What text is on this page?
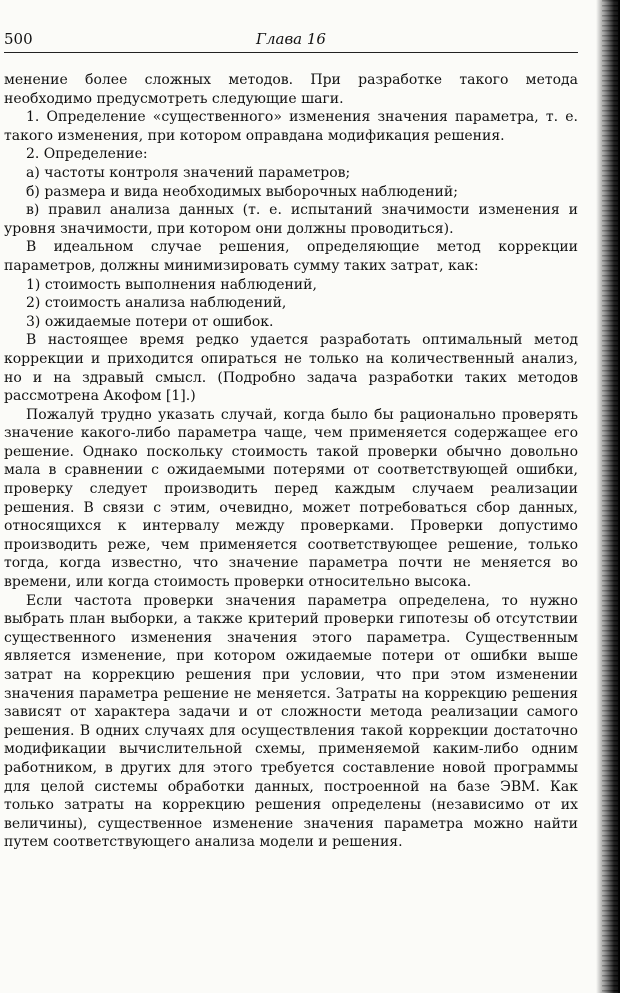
500	Глава 16

менение более сложных методов. При разработке такого метода необходимо предусмотреть следующие шаги.

1. Определение «существенного» изменения значения параметра, т. е. такого изменения, при котором оправдана модификация решения.

2. Определение:

а) частоты контроля значений параметров;

б) размера и вида необходимых выборочных наблюдений;

в) правил анализа данных (т. е. испытаний значимости изменения и уровня значимости, при котором они должны проводиться).

В идеальном случае решения, определяющие метод коррекции параметров, должны минимизировать сумму таких затрат, как:

1) стоимость выполнения наблюдений,

2) стоимость анализа наблюдений,

3) ожидаемые потери от ошибок.

В настоящее время редко удается разработать оптимальный метод коррекции и приходится опираться не только на количественный анализ, но и на здравый смысл. (Подробно задача разработки таких методов рассмотрена Акофом [1].)

Пожалуй трудно указать случай, когда было бы рационально проверять значение какого-либо параметра чаще, чем применяется содержащее его решение. Однако поскольку стоимость такой проверки обычно довольно мала в сравнении с ожидаемыми потерями от соответствующей ошибки, проверку следует производить перед каждым случаем реализации решения. В связи с этим, очевидно, может потребоваться сбор данных, относящихся к интервалу между проверками. Проверки допустимо производить реже, чем применяется соответствующее решение, только тогда, когда известно, что значение параметра почти не меняется во времени, или когда стоимость проверки относительно высока.

Если частота проверки значения параметра определена, то нужно выбрать план выборки, а также критерий проверки гипотезы об отсутствии существенного изменения значения этого параметра. Существенным является изменение, при котором ожидаемые потери от ошибки выше затрат на коррекцию решения при условии, что при этом изменении значения параметра решение не меняется. Затраты на коррекцию решения зависят от характера задачи и от сложности метода реализации самого решения. В одних случаях для осуществления такой коррекции достаточно модификации вычислительной схемы, применяемой каким-либо одним работником, в других для этого требуется составление новой программы для целой системы обработки данных, построенной на базе ЭВМ. Как только затраты на коррекцию решения определены (независимо от их величины), существенное изменение значения параметра можно найти путем соответствующего анализа модели и решения.
